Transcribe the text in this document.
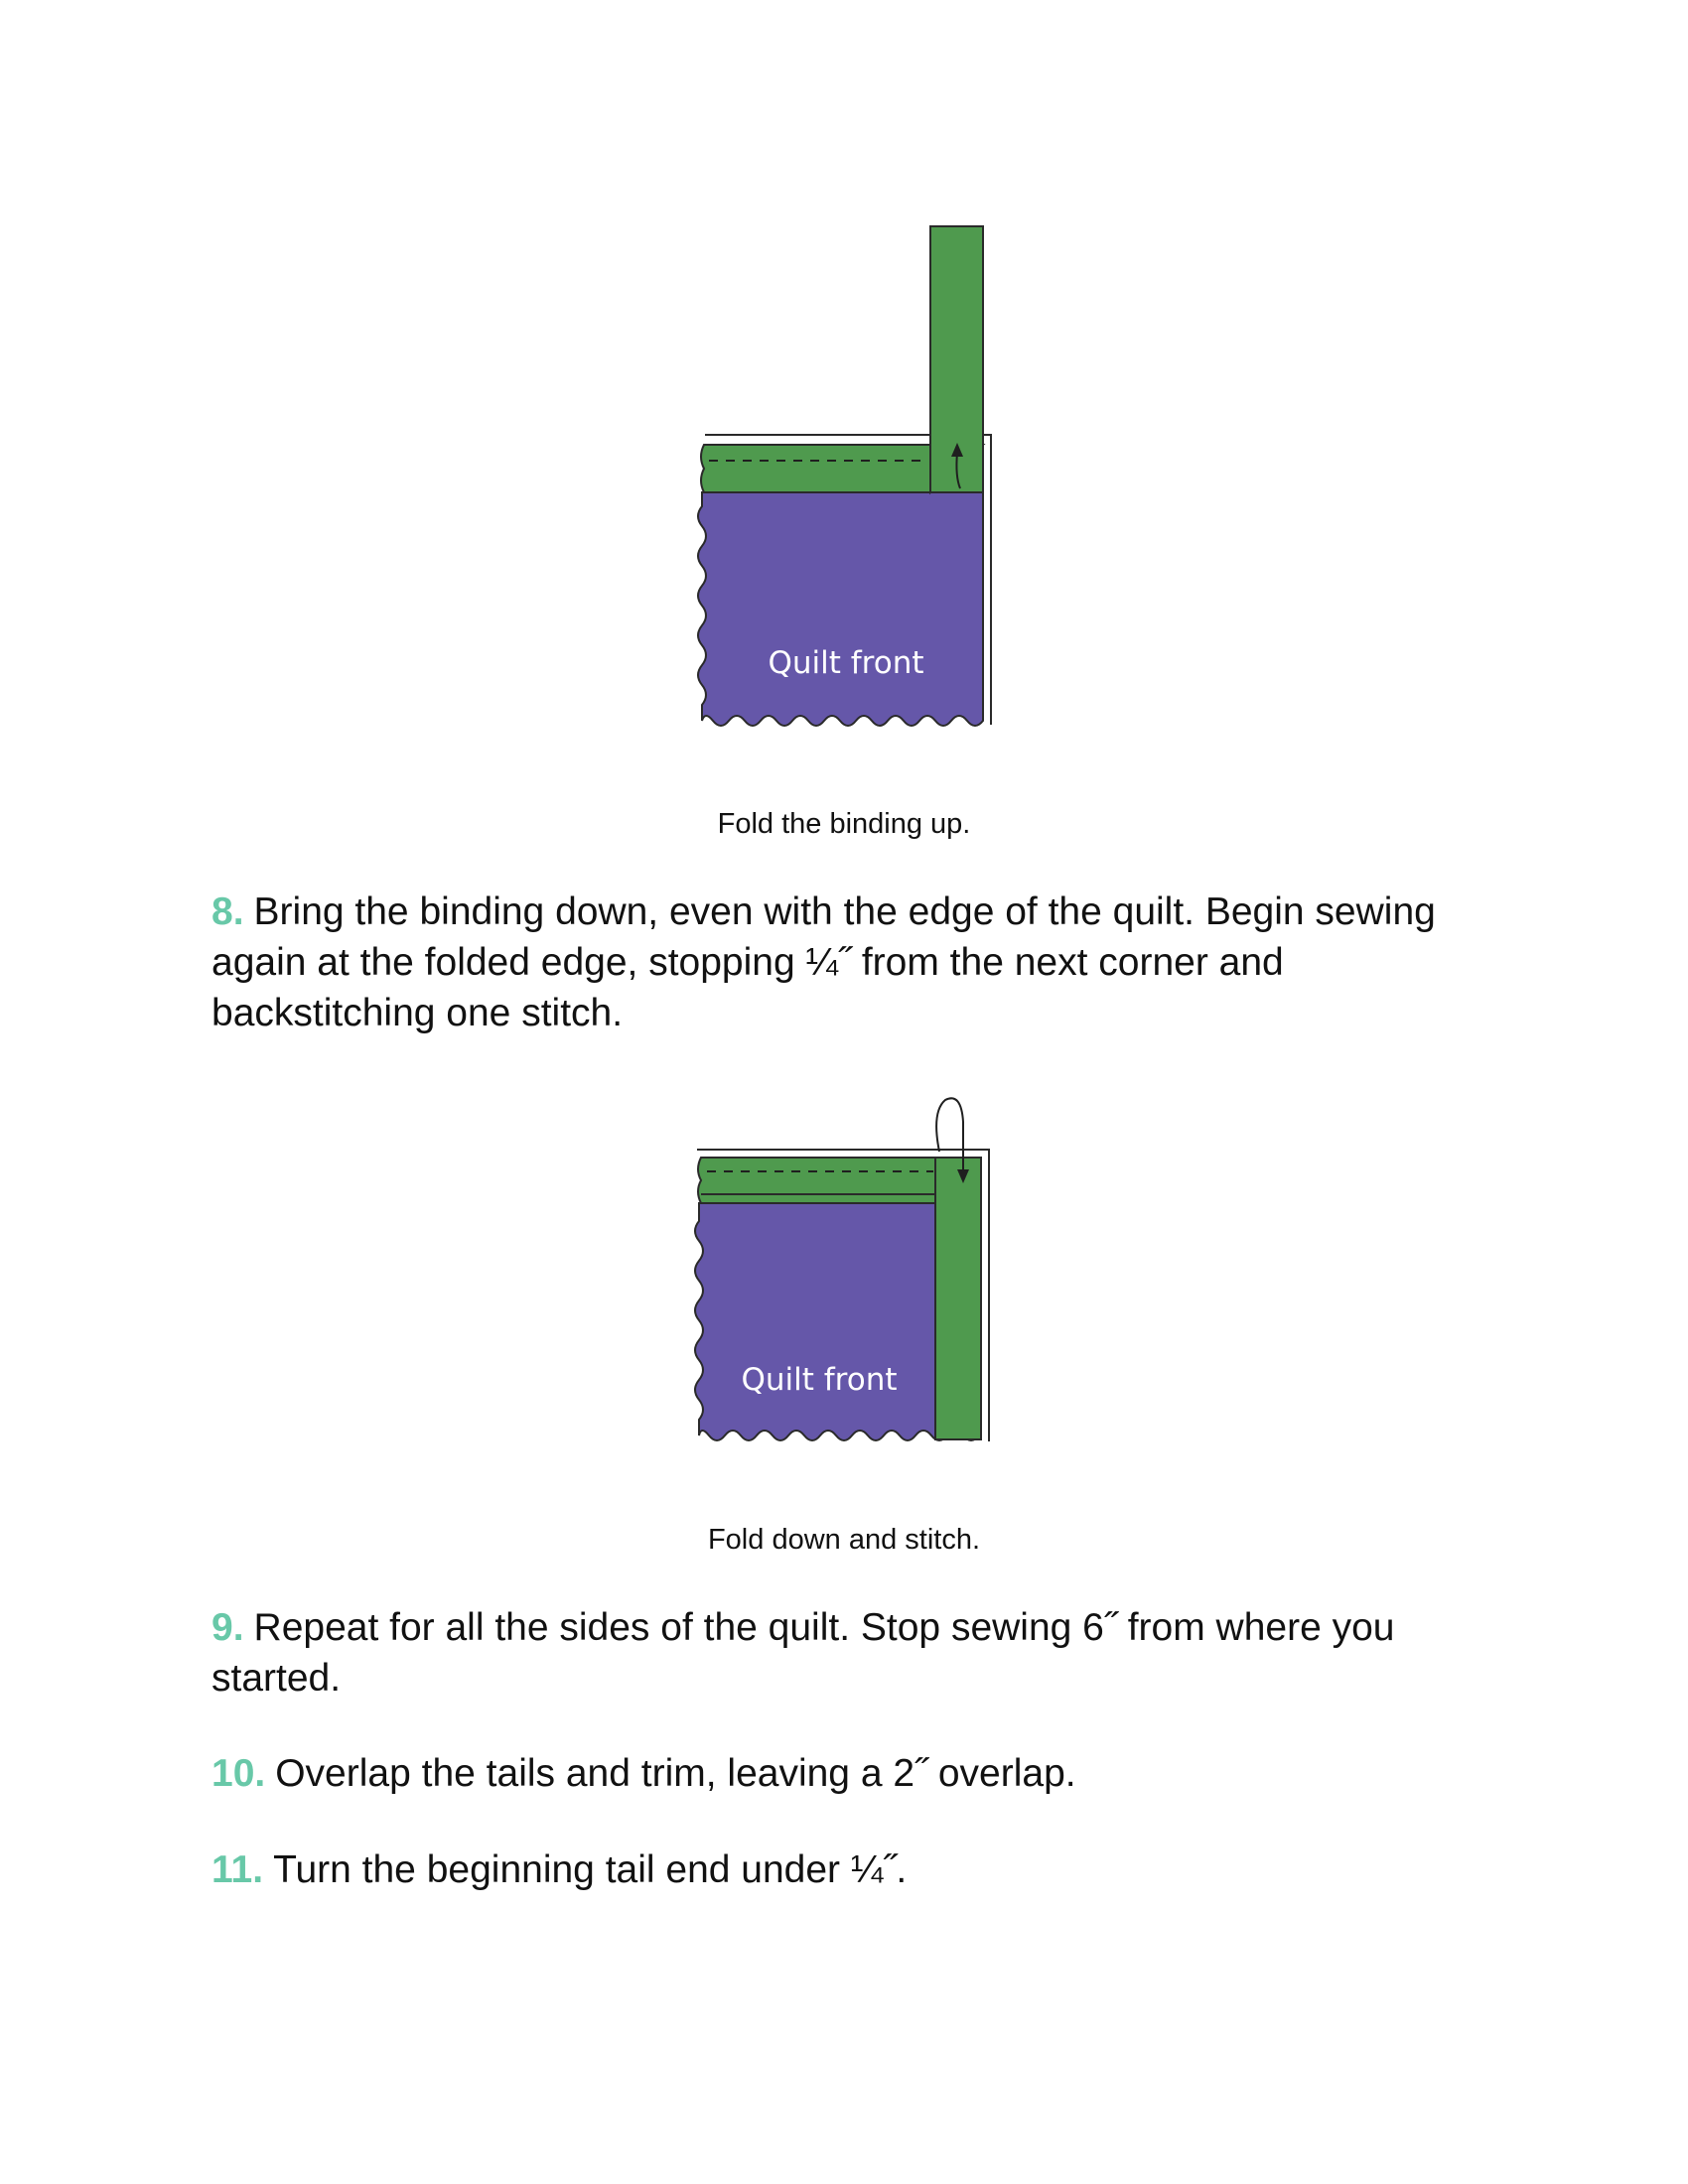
Quilt front
Fold the binding up.
8. Bring the binding down, even with the edge of the quilt. Begin sewing again at the folded edge, stopping ¼˝ from the next corner and backstitching one stitch.
Quilt front
Fold down and stitch.
9. Repeat for all the sides of the quilt. Stop sewing 6˝ from where you started.
10. Overlap the tails and trim, leaving a 2˝ overlap.
11. Turn the beginning tail end under ¼˝.
